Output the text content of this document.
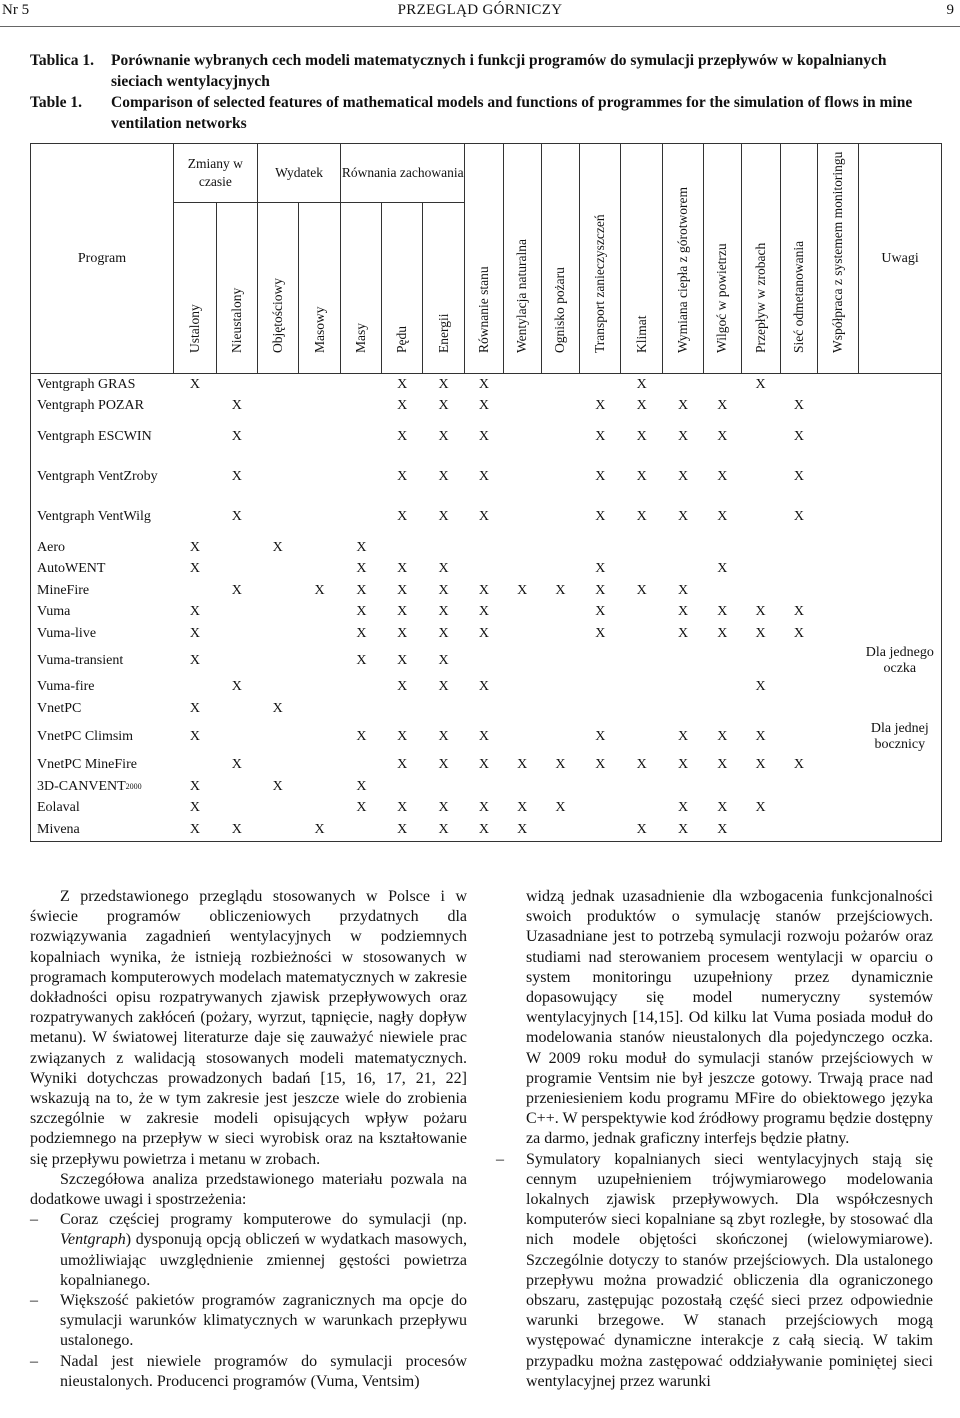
Nr 5	PRZEGLĄD GÓRNICZY	9
Tablica 1. Porównanie wybranych cech modeli matematycznych i funkcji programów do symulacji przepływów w kopalnianych sieciach wentylacyjnych
Table 1. Comparison of selected features of mathematical models and functions of programmes for the simulation of flows in mine ventilation networks
Program	Zmiany w czasie		Wydatek		Równania zachowania			Równanie stanu	Wentylacja naturalna	Ognisko pożaru	Transport zanieczyszczeń	Klimat	Wymiana ciepła z górotworem	Wilgoć w powietrzu	Przepływ w zrobach	Sieć odmetanowania	Współpraca z systemem monitoringu	Uwagi

	Ustalony	Nieustalony	Objętościowy	Masowy	Masy	Pędu	Energii											

Ventgraph GRAS	X					X	X	X				X			X			
Ventgraph POZAR		X				X	X	X			X	X	X	X		X		
Ventgraph ESCWIN		X				X	X	X			X	X	X	X		X		
Ventgraph VentZroby		X				X	X	X			X	X	X	X		X		
Ventgraph VentWilg		X				X	X	X			X	X	X	X		X		
Aero	X		X		X													
AutoWENT	X				X	X	X				X			X				
MineFire		X		X	X	X	X	X	X	X	X	X	X					
Vuma	X				X	X	X	X			X		X	X	X	X		
Vuma-live	X				X	X	X	X			X		X	X	X	X		
Vuma-transient	X				X	X	X											Dla jednego oczka
Vuma-fire		X				X	X	X							X			
VnetPC	X		X															
VnetPC Climsim	X				X	X	X	X			X		X	X	X			Dla jednej bocznicy
VnetPC MineFire		X				X	X	X	X	X	X	X	X	X	X	X		
$3D-CANVENT^{2000}$	X		X		X													
Eolaval	X				X	X	X	X	X	X			X	X	X			
Mivena	X	X		X		X	X	X	X			X	X	X				

Z przedstawionego przeglądu stosowanych w Polsce i w świecie programów obliczeniowych przydatnych dla rozwiązywania zagadnień wentylacyjnych w podziemnych kopalniach wynika, że istnieją rozbieżności w stosowanych w programach komputerowych modelach matematycznych w zakresie dokładności opisu rozpatrywanych zjawisk przepływowych oraz rozpatrywanych zakłóceń (pożary, wyrzut, tąpnięcie, nagły dopływ metanu). W światowej literaturze daje się zauważyć niewiele prac związanych z walidacją stosowanych modeli matematycznych. Wyniki dotychczas prowadzonych badań [15, 16, 17, 21, 22] wskazują na to, że w tym zakresie jest jeszcze wiele do zrobienia szczególnie w zakresie modeli opisujących wpływ pożaru podziemnego na przepływ w sieci wyrobisk oraz na kształtowanie się przepływu powietrza i metanu w zrobach.

Szczegółowa analiza przedstawionego materiału pozwala na dodatkowe uwagi i spostrzeżenia:

– Coraz częściej programy komputerowe do symulacji (np. Ventgraph) dysponują opcją obliczeń w wydatkach masowych, umożliwiając uwzględnienie zmiennej gęstości powietrza kopalnianego.

– Większość pakietów programów zagranicznych ma opcje do symulacji warunków klimatycznych w warunkach przepływu ustalonego.

– Nadal jest niewiele programów do symulacji procesów nieustalonych. Producenci programów (Vuma, Ventsim)

widzą jednak uzasadnienie dla wzbogacenia funkcjonalności swoich produktów o symulację stanów przejściowych. Uzasadniane jest to potrzebą symulacji rozwoju pożarów oraz studiami nad sterowaniem procesem wentylacji w oparciu o system monitoringu uzupełniony przez dynamicznie dopasowujący się model numeryczny systemów wentylacyjnych [14,15]. Od kilku lat Vuma posiada moduł do modelowania stanów nieustalonych dla pojedynczego oczka. W 2009 roku moduł do symulacji stanów przejściowych w programie Ventsim nie był jeszcze gotowy. Trwają prace nad przeniesieniem kodu programu MFire do obiektowego języka C++. W perspektywie kod źródłowy programu będzie dostępny za darmo, jednak graficzny interfejs będzie płatny.

– Symulatory kopalnianych sieci wentylacyjnych stają się cennym uzupełnieniem trójwymiarowego modelowania lokalnych zjawisk przepływowych. Dla współczesnych komputerów sieci kopalniane są zbyt rozległe, by stosować dla nich modele objętości skończonej (wielowymiarowe). Szczególnie dotyczy to stanów przejściowych. Dla ustalonego przepływu można prowadzić obliczenia dla ograniczonego obszaru, zastępując pozostałą część sieci przez odpowiednie warunki brzegowe. W stanach przejściowych mogą występować dynamiczne interakcje z całą siecią. W takim przypadku można zastępować oddziaływanie pominiętej sieci wentylacyjnej przez warunki
